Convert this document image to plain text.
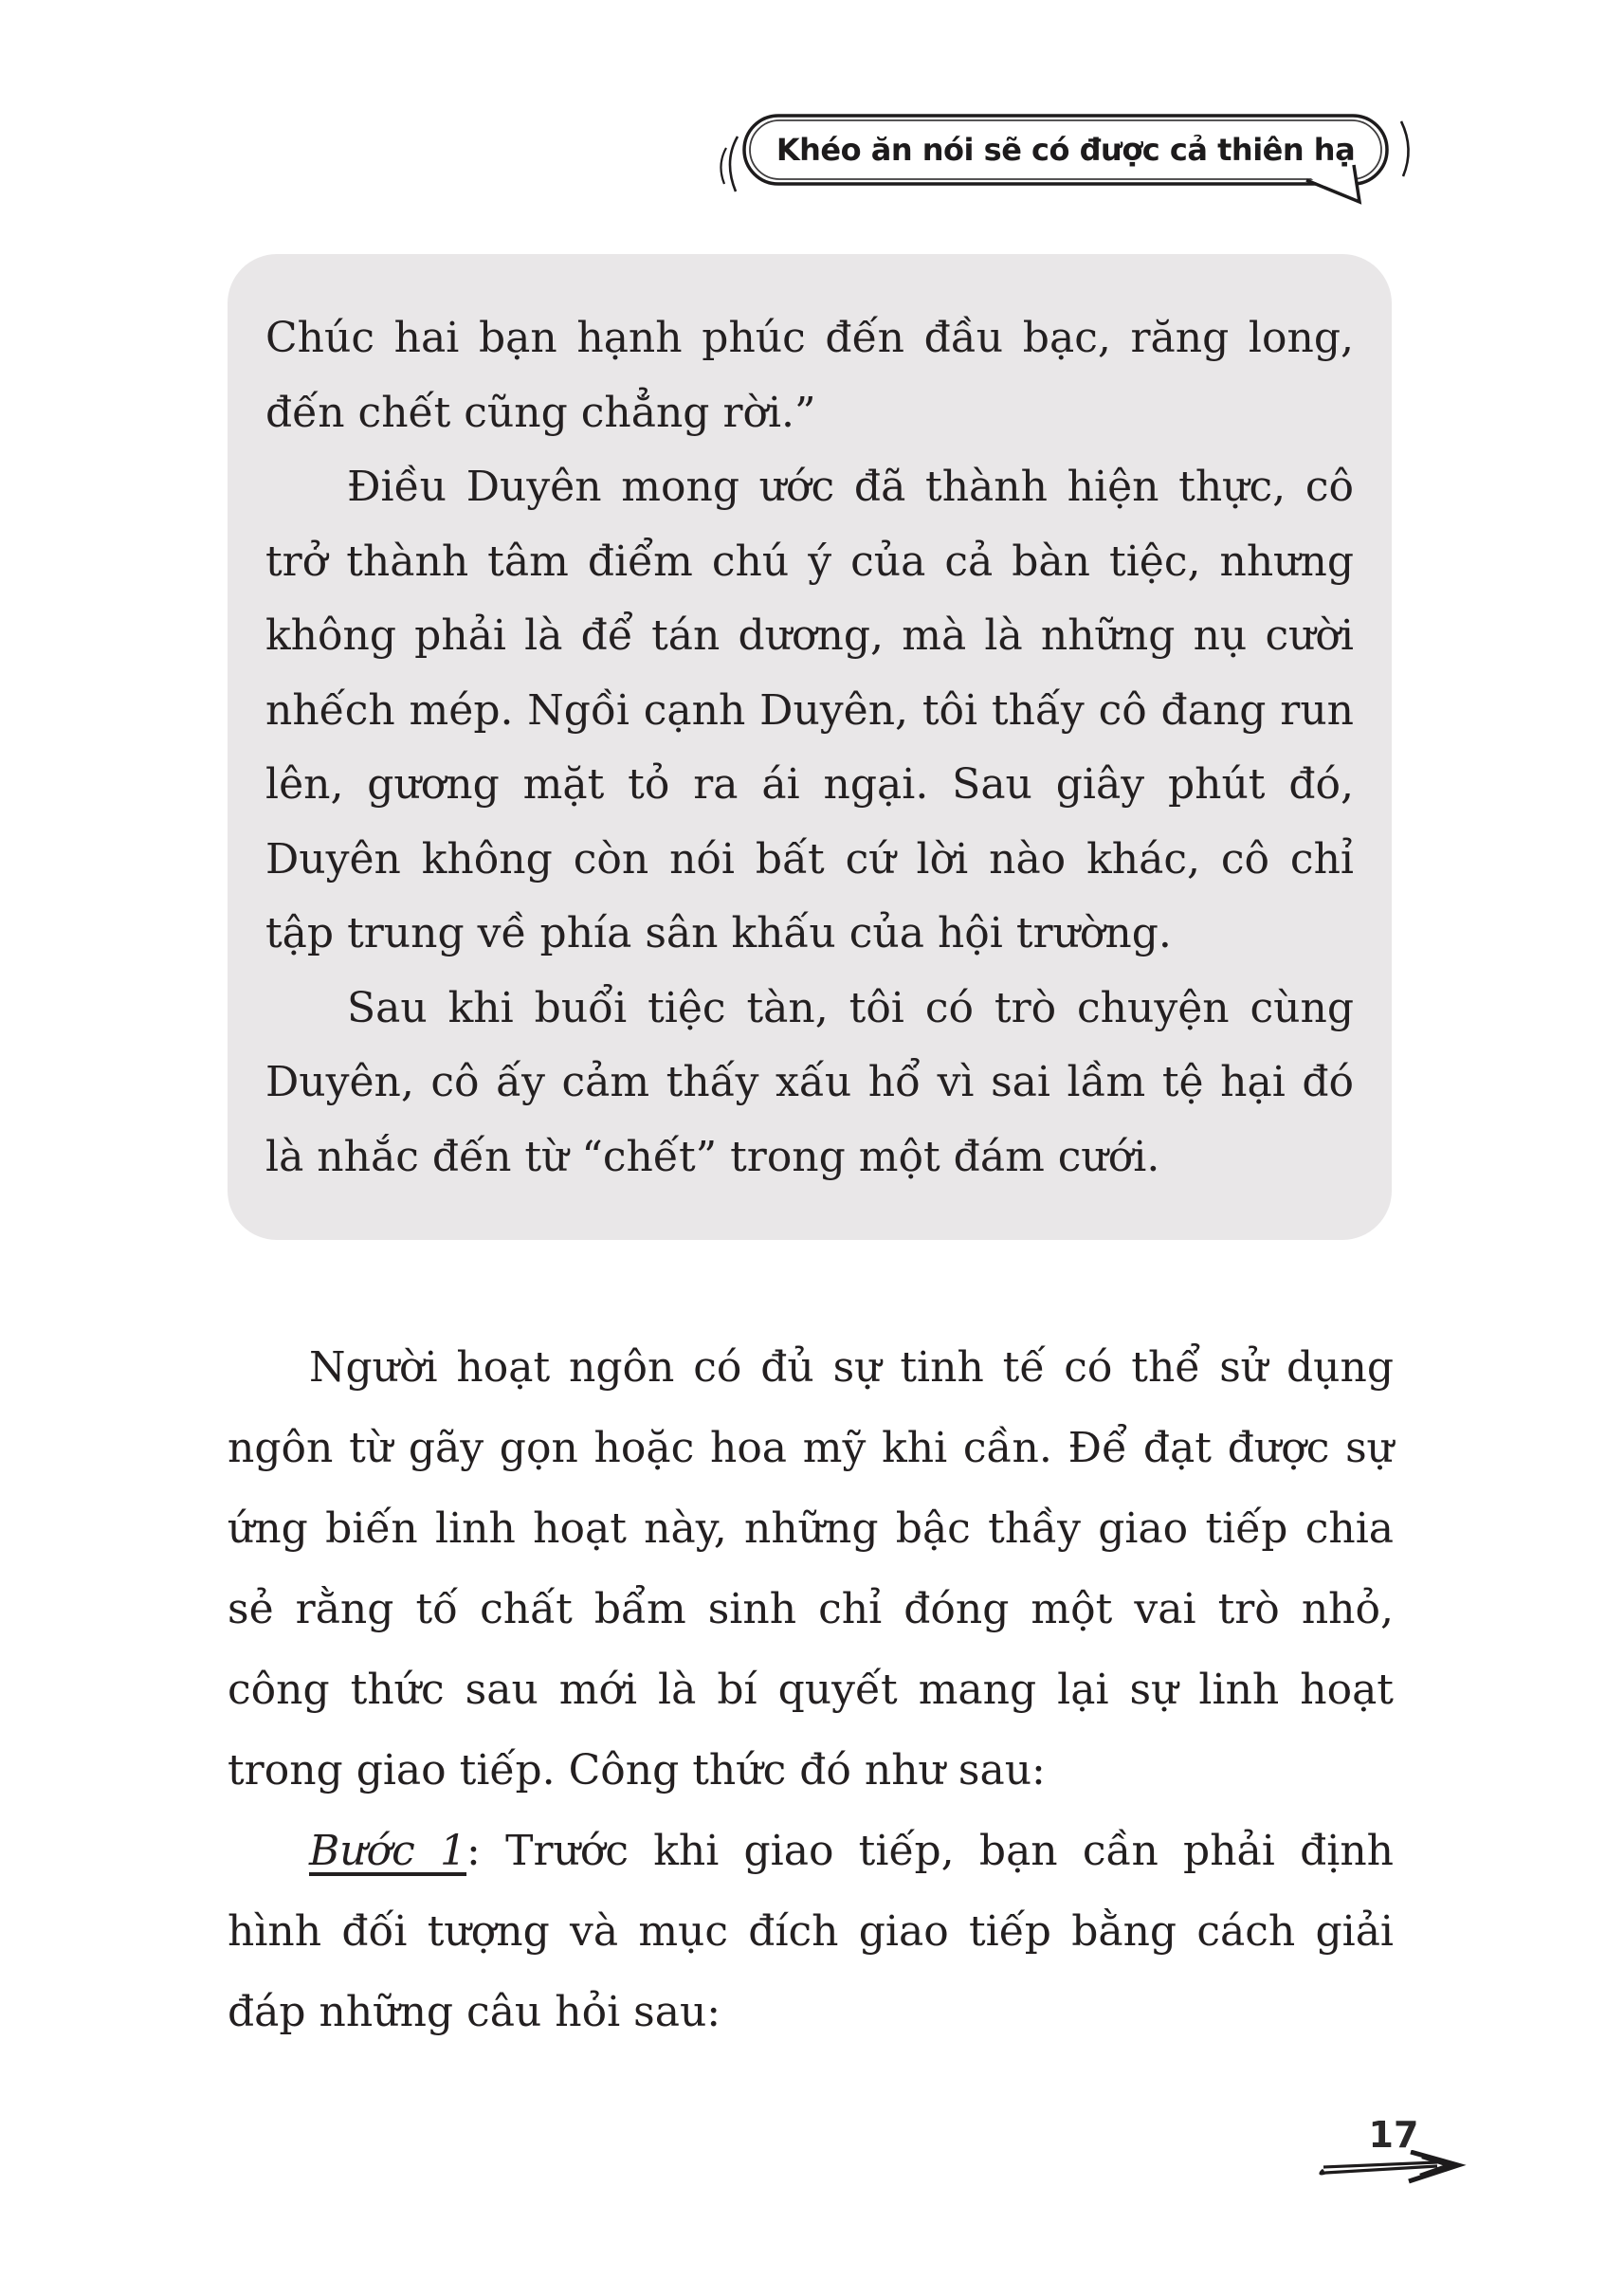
Khéo ăn nói sẽ có được cả thiên hạ

Chúc hai bạn hạnh phúc đến đầu bạc, răng long, đến chết cũng chẳng rời.”

Điều Duyên mong ước đã thành hiện thực, cô trở thành tâm điểm chú ý của cả bàn tiệc, nhưng không phải là để tán dương, mà là những nụ cười nhếch mép. Ngồi cạnh Duyên, tôi thấy cô đang run lên, gương mặt tỏ ra ái ngại. Sau giây phút đó, Duyên không còn nói bất cứ lời nào khác, cô chỉ tập trung về phía sân khấu của hội trường.

Sau khi buổi tiệc tàn, tôi có trò chuyện cùng Duyên, cô ấy cảm thấy xấu hổ vì sai lầm tệ hại đó là nhắc đến từ “chết” trong một đám cưới.

Người hoạt ngôn có đủ sự tinh tế có thể sử dụng ngôn từ gãy gọn hoặc hoa mỹ khi cần. Để đạt được sự ứng biến linh hoạt này, những bậc thầy giao tiếp chia sẻ rằng tố chất bẩm sinh chỉ đóng một vai trò nhỏ, công thức sau mới là bí quyết mang lại sự linh hoạt trong giao tiếp. Công thức đó như sau:

Bước 1: Trước khi giao tiếp, bạn cần phải định hình đối tượng và mục đích giao tiếp bằng cách giải đáp những câu hỏi sau:

17
